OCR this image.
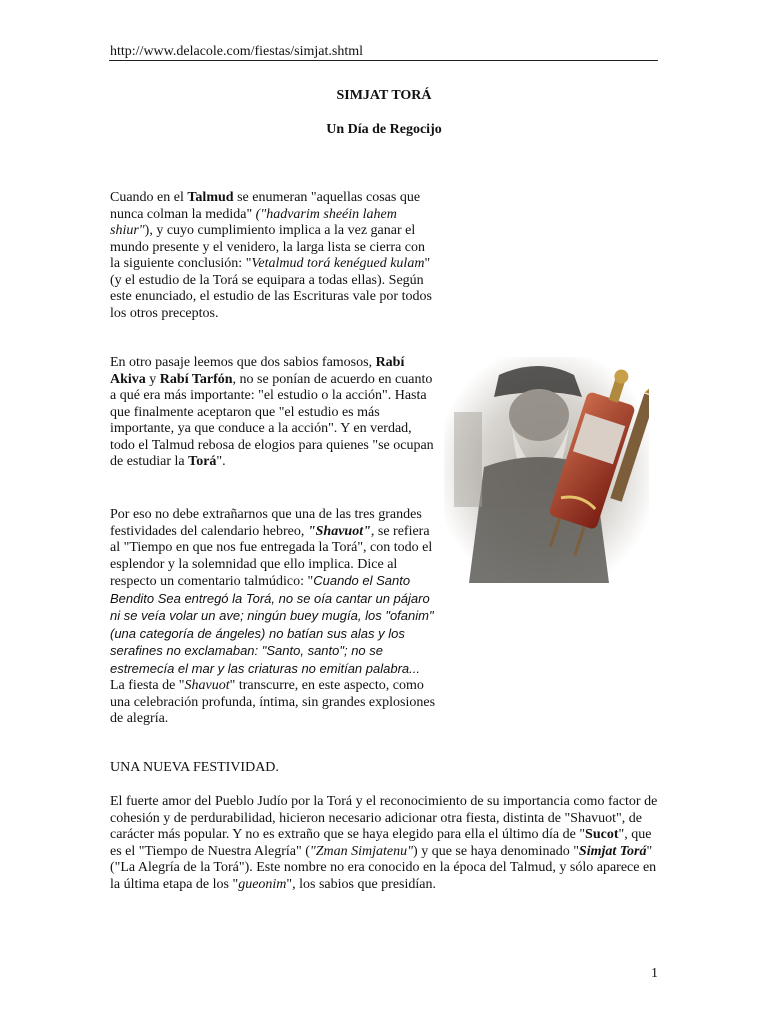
http://www.delacole.com/fiestas/simjat.shtml
SIMJAT TORÁ
Un Día de Regocijo

Cuando en el Talmud se enumeran "aquellas cosas que nunca colman la medida" ("hadvarim sheéin lahem shiur"), y cuyo cumplimiento implica a la vez ganar el mundo presente y el venidero, la larga lista se cierra con la siguiente conclusión: "Vetalmud torá kenégued kulam" (y el estudio de la Torá se equipara a todas ellas). Según este enunciado, el estudio de las Escrituras vale por todos los otros preceptos.

En otro pasaje leemos que dos sabios famosos, Rabí Akiva y Rabí Tarfón, no se ponían de acuerdo en cuanto a qué era más importante: "el estudio o la acción". Hasta que finalmente aceptaron que "el estudio es más importante, ya que conduce a la acción". Y en verdad, todo el Talmud rebosa de elogios para quienes "se ocupan de estudiar la Torá".

Por eso no debe extrañarnos que una de las tres grandes festividades del calendario hebreo, "Shavuot", se refiera al "Tiempo en que nos fue entregada la Torá", con todo el esplendor y la solemnidad que ello implica. Dice al respecto un comentario talmúdico: "Cuando el Santo Bendito Sea entregó la Torá, no se oía cantar un pájaro ni se veía volar un ave; ningún buey mugía, los "ofanim" (una categoría de ángeles) no batían sus alas y los serafines no exclamaban: "Santo, santo"; no se estremecía el mar y las criaturas no emitían palabra... La fiesta de "Shavuot" transcurre, en este aspecto, como una celebración profunda, íntima, sin grandes explosiones de alegría.

UNA NUEVA FESTIVIDAD.

El fuerte amor del Pueblo Judío por la Torá y el reconocimiento de su importancia como factor de cohesión y de perdurabilidad, hicieron necesario adicionar otra fiesta, distinta de "Shavuot", de carácter más popular. Y no es extraño que se haya elegido para ella el último día de "Sucot", que es el "Tiempo de Nuestra Alegría" ("Zman Simjatenu") y que se haya denominado "Simjat Torá" ("La Alegría de la Torá"). Este nombre no era conocido en la época del Talmud, y sólo aparece en la última etapa de los "gueonim", los sabios que presidían.

1
